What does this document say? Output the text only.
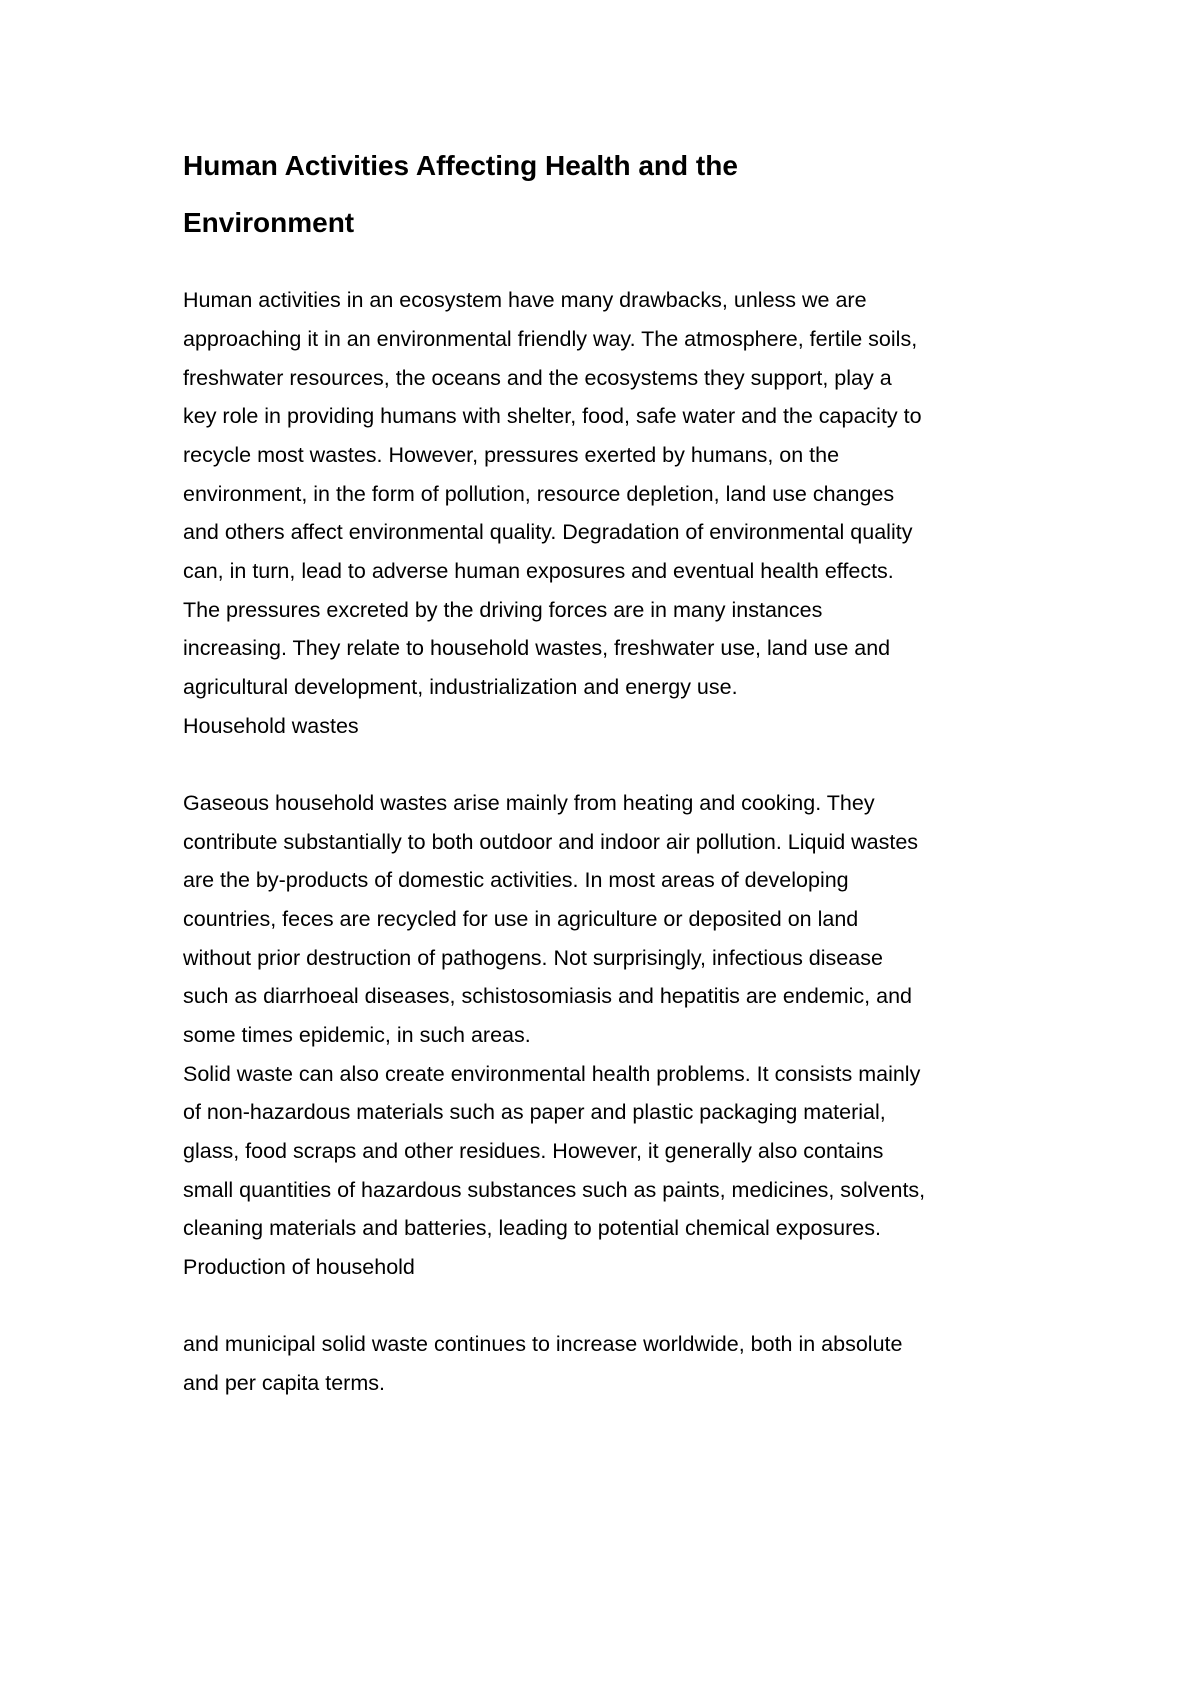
Human Activities Affecting Health and the
Environment

Human activities in an ecosystem have many drawbacks, unless we are

approaching it in an environmental friendly way. The atmosphere, fertile soils,

freshwater resources, the oceans and the ecosystems they support, play a

key role in providing humans with shelter, food, safe water and the capacity to

recycle most wastes. However, pressures exerted by humans, on the

environment, in the form of pollution, resource depletion, land use changes

and others affect environmental quality. Degradation of environmental quality

can, in turn, lead to adverse human exposures and eventual health effects.

The pressures excreted by the driving forces are in many instances

increasing. They relate to household wastes, freshwater use, land use and

agricultural development, industrialization and energy use.

Household wastes

Gaseous household wastes arise mainly from heating and cooking. They

contribute substantially to both outdoor and indoor air pollution. Liquid wastes

are the by-products of domestic activities. In most areas of developing

countries, feces are recycled for use in agriculture or deposited on land

without prior destruction of pathogens. Not surprisingly, infectious disease

such as diarrhoeal diseases, schistosomiasis and hepatitis are endemic, and

some times epidemic, in such areas.

Solid waste can also create environmental health problems. It consists mainly

of non-hazardous materials such as paper and plastic packaging material,

glass, food scraps and other residues. However, it generally also contains

small quantities of hazardous substances such as paints, medicines, solvents,

cleaning materials and batteries, leading to potential chemical exposures.

Production of household

and municipal solid waste continues to increase worldwide, both in absolute

and per capita terms.
